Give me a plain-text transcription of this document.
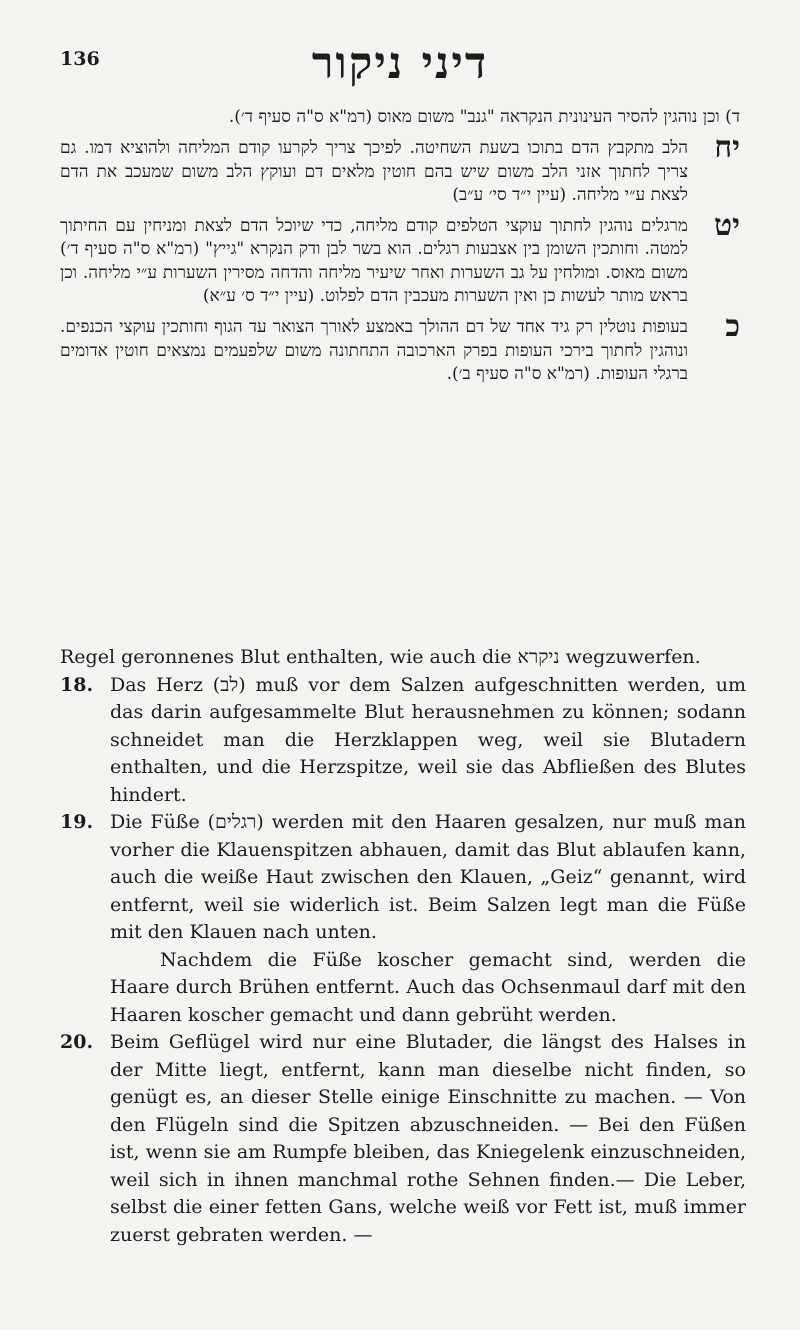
136	דיני ניקור

ד) וכן נוהגין להסיר העינונית הנקראה "גנב" משום מאוס (רמ"א ס"ה סעיף ד׳).

יח
הלב מתקבץ הדם בתוכו בשעת השחיטה. לפיכך צריך לקרעו קודם המליחה ולהוציא דמו. גם צריך לחתוך אזני הלב משום שיש בהם חוטין מלאים דם ועוקץ הלב משום שמעכב את הדם לצאת ע״י מליחה. (עיין י״ד סי׳ ע״ב)
יט
מרגלים נוהגין לחתוך עוקצי הטלפים קודם מליחה, כדי שיוכל הדם לצאת ומניחין עם החיתוך למטה. וחותכין השומן בין אצבעות רגלים. הוא בשר לבן ודק הנקרא "גייץ" (רמ"א ס"ה סעיף ד׳) משום מאוס. ומולחין על גב השערות ואחר שיעיר מליחה והדחה מסירין השערות ע״י מליחה. וכן בראש מותר לעשות כן ואין השערות מעכבין הדם לפלוט. (עיין י״ד ס׳ ע״א)
כ
בעופות נוטלין רק גיד אחד של דם ההולך באמצע לאורך הצואר עד הגוף וחותכין עוקצי הכנפים. ונוהגין לחתוך בירכי העופות בפרק הארכובה התחתונה משום שלפעמים נמצאים חוטין אדומים ברגלי העופות. (רמ"א ס"ה סעיף ב׳).

Regel geronnenes Blut enthalten, wie auch die ניקרא wegzuwerfen.

18. Das Herz (לב) muß vor dem Salzen aufgeschnitten werden, um das darin aufgesammelte Blut herausnehmen zu können; sodann schneidet man die Herzklappen weg, weil sie Blutadern enthalten, und die Herzspitze, weil sie das Abfließen des Blutes hindert.
19. Die Füße (רגלים) werden mit den Haaren gesalzen, nur muß man vorher die Klauenspitzen abhauen, damit das Blut ablaufen kann, auch die weiße Haut zwischen den Klauen, „Geiz“ genannt, wird entfernt, weil sie widerlich ist. Beim Salzen legt man die Füße mit den Klauen nach unten.
Nachdem die Füße koscher gemacht sind, werden die Haare durch Brühen entfernt. Auch das Ochsenmaul darf mit den Haaren koscher gemacht und dann gebrüht werden.
20. Beim Geflügel wird nur eine Blutader, die längst des Halses in der Mitte liegt, entfernt, kann man dieselbe nicht finden, so genügt es, an dieser Stelle einige Einschnitte zu machen. — Von den Flügeln sind die Spitzen abzuschneiden. — Bei den Füßen ist, wenn sie am Rumpfe bleiben, das Kniegelenk einzuschneiden, weil sich in ihnen manchmal rothe Sehnen finden.— Die Leber, selbst die einer fetten Gans, welche weiß vor Fett ist, muß immer zuerst gebraten werden. —
